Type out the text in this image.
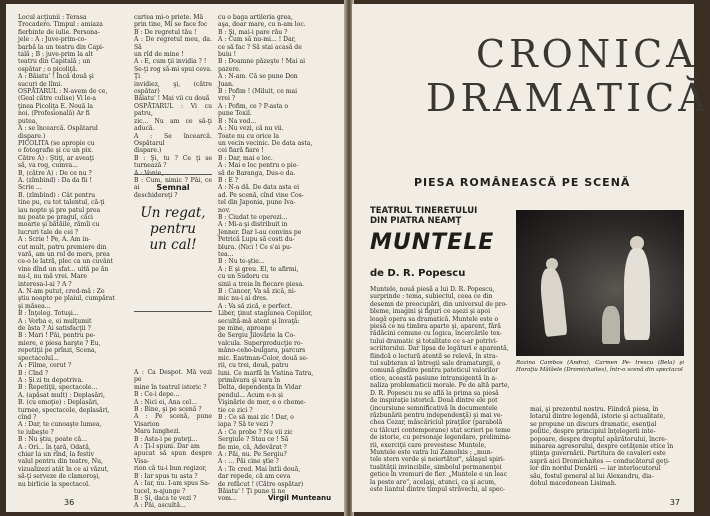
Locul acţiunii : Terasa
Trocadero. Timpul : amiaza
fierbinte de iulie. Persona-
jele : A : Juve-prim-co-
barbă la un teatru din Capi-
tală ; B : juve-prim la alt
teatru din Capitală ; un
ospătar ; o picoliţă.
A : Băiatu' ! Încă două şi
sucuri de lîmi.
OSPĂTARUL : N-avem de ce,
(Geal către culise) Vi le-a
ţinea Picoliţa E. Nouă la
noi. (Profesională) Ar fi
putea,
A : se încearcă. Ospătarul
dispare.)
PICOLITA (se apropie cu
o fotografie şi cu un pix.
Către A) : Ştiţi, ar aveaţi
să, va rog, cumva...
B, (către A) : De ce nu ?
A. (zîmbind) : Da da fii !
Scrie ...
B. (zîmbind) : Cât pentru
tine pu, cu tot talentul, că-ţi
iau nopte şi pre patul prea
nu poate pe pragul, căci
moarte şi bătăile, rămîi cu
lucruri tale de cei ?
A : Scrie ! Pe, A. Am in-
cut mult, patru premiere din
vară, am un rol de mers, prea
ce-o le latră, plec ca un cuvânt
vine dînd un sfat... uită pe ăn
nu-l, nu mă vrei. Mare
interesa-l-ai ? A ?
A. N-am putut, cred-mă : Ze
ştiu noapte pe plaiul, cumpărat
şi măsea...
B : Înţeleg. Totuşi...
A : Vorba e, ei mulţumit
de ăsta ? Ai satisfacţii ?
B : Mari ! Păi, pentru pe-
miere, e piesa harşte ? Eu,
repetiţii pe prînzi, Scena,
spectacolul...
A : Filme, cerut ?
B : Cînd ?
A : Şi zi tu depotriva.
B : Repetiţii, spectacole...
A. (apăsat mult) : Deplasări,
B. (cu emoţie) : Deplasări,
turnee, spectacole, deplasări,
cînd ?
A : Dar, te cunoaşte lumea,
te iubeşte ?
B : Nu ştiu, poate că...
A : Ori... în ţară, Odată,
chiar la un rînd, la festiv
valul pentru din teatre, Nu,
vizualizezi atât în ce ai văzut,
să-ţi serveze de clamoroşi,
nu birlicie la spectacol.
cartea mi-o priete. Mă
prin tine, Mi se face foc
B : De regretul tău !
A : De regretul meu, da. Să
un rîd de mine !
A : E, cum ţii invidia ? !
Se-ţi rog să-mi spui ceva. Ţi
invidiez, şi, (către ospătar)
Băiatu' ! Mai vii cu două
OSPĂTARUL : Vi cu patru,
zic... Nu am ce să-ţi aducă.
A : Se încearcă. Ospătarul
dispare.)
B : Şi, tu ? Ce ţi se turnează ?
A : Vonie,
B : Cum, nimic ? Păi, ce ai
deschidereţi ?
Semnal
Un regat, pentru un cal!
A : Ca Despot. Mă vezi pe
mine în teatrul istoric ?
B : Ce-i depe...
A : Nici ei, Ana cel...
B : Bine, şi pe scenă ?
A : Pe scenă, pune Visarion
Mara lunghezi.
B : Asta-i pe puteţi...
A : Ţi-l spuni. Dar am
apucat să spun despre Visa-
rion că tu-i bun regizor,
B : Iar spus tu asta ?
A : Iar, nu. I-am spus Sa-
tucel, n-ajunge ?
B : Şi, daca te vezi ?
A : Păi, ascultă...
cu o baga artileria grea,
aşa, doar mare, cu n-am loc.
B : Şi, mai-i pare rău ?
A : Cum să nu-mi... ! Dar,
ce să fac ? Să stai acasă de
buiu !
B : Doamne păzeşte ! Mai ai
pazere.
A : N-am. Că se pune Don
Juan.
B : Pofim ! (Miluit, ce mai
vrei ?
A : Pofim, ce ? P-asta o
pune Toxil.
B : Na vod...
A : Nu vezi, că nu vii.
Toate nu cu orice la
un vecin vecinic. De data asta,
cei fiară fiare !
B : Dar, mai e loc.
A : Mai e loc pentru o pie-
să de Baranga, Dus-o da.
B : E ?
A : N-a dă. De data asta ei
ad. Pe scenă, cînd vine Cos-
tel din Japonia, pune Iva-
nov.
B : Ciudat te operezi...
A : Mi-a şi distribuit in
Jenner. Dar l-au convins pe
Petrică Lupu să costi du-
blura. (Nici ! Ce s'ai pu-
tea...
B : Nu te-ştie...
A : E şi greu. El, te afirmi,
cu un Sudoru cu
sinii a treia în fiecare piesa.
B : Cancer, Va să zică, ni-
mic nu-i ai dres.
A : Va să zică, e perfect.
Liber, ţinut stagiunea Copiilor,
secultă-mă atent şi învaţă:
pe mine, aproape
de Sergiu Jilovărie la Co-
valcula. Superproducţie ro-
mâno-ceho-bulgara, parcurs
mic. Eastman-Color, două se-
rii, cu trei, două, patru
luni. Ce marfă în Vistina Tatra,
primăvara şi vara în
Delta, dependenţa în Vidar
pendul... Acum e-n și
Vişinărie de mer, e o cheme-
tie ce zici ?
B : Ce să mai zic ! Dar, o
iapa ? Să te vezi ?
A : Ce probe ? Nu vii zic
Sergiule ? Stau ce ! Să
fie mie, că, Adevărat ?
A : Păi, nu. Pe Sergiu?
A : ... Păi cine ştie ?
A : Te cred. Mai întîi două,
dar repede, că am ceva
de refăcut ! (Către ospătar)
Băiatu' ! Ţi pune ţi ne
vom...	Virgil Munteanu
36
CRONICA
DRAMATICĂ
PIESA ROMÂNEASCĂ PE SCENĂ
TEATRUL TINERETULUI
DIN PIATRA NEAMŢ
MUNTELE
de D. R. Popescu
Muntele, nouă piesă a lui D. R. Popescu,
surprinde : tema, subiectul, ceea ce din
desemn de preocupări, din universul de pro-
bleme, imagini şi figuri ce aşezi şi apoi
leagă opera sa dramatică. Muntele este o
piesă ce nu timbra aparte şi, aparent, fără
rădăcini comune cu logica, încercările tex-
tului dramatic şi totalitate ce s-ar potrivi-
scriitorului. Dar lipsa de legături e aparentă,
fiindcă o lectură atentă se relevă, în stra-
tul subteran al întregii sale dramaturgii, o
comună gîndire pentru pateticul valorilor
etice, această pasiune intransigentă în a-
naliza problematicii morale. Pe de altă parte,
D. R. Popescu nu se află la prima sa piesă
de inspiraţie istorică. Două dintre ele pot
(incursiune semnificativă în documentele
răzbunării pentru independenţă) şi mai ve-
chea Cezar, măscăriciul piraţilor (parabolă
cu tâlcuri contemporane) stat scrieri pe teme
de istorie, cu personaje legendare, prelimina-
rii, exerciţii care prevestesc Muntele,
Muntele este vatra lui Zamolxis ; „mun-
tele stern verde şi neiertător", sălaşul spiri-
tualităţii invincibile, simbolul permanenţei
getice în vremuri de fier. „Muntele e un leac
la peste are", acelaşi, atunci, ca şi acum,
este liantul dintre timpul străvechi, al spec-
Rozina Cambos (Andra), Carmen Pe- trescu (Bela) şi Horaţiu Mălăele (Dromichaites), într-o scenă din spectacol
mai, şi prezentul nostru. Fiindcă piesa, în
lotarul dintre legendă, istorie şi actualitate,
se propune un discurs dramatic, esenţial
politic, despre principiul înţelegerii inte-
popoare, despre dreptul apărătorului, încre-
minarea agresorului, despre cetăţenie etice în
ştiinţa guvernării. Partitura de cavaleri este
aspră aici Dromichaites — conducătorul geţi-
lor din nordul Dunării — iar interlocutorul
său, fostul general al lui Alexandru, dia-
dohul macedonean Lisimah.
37
